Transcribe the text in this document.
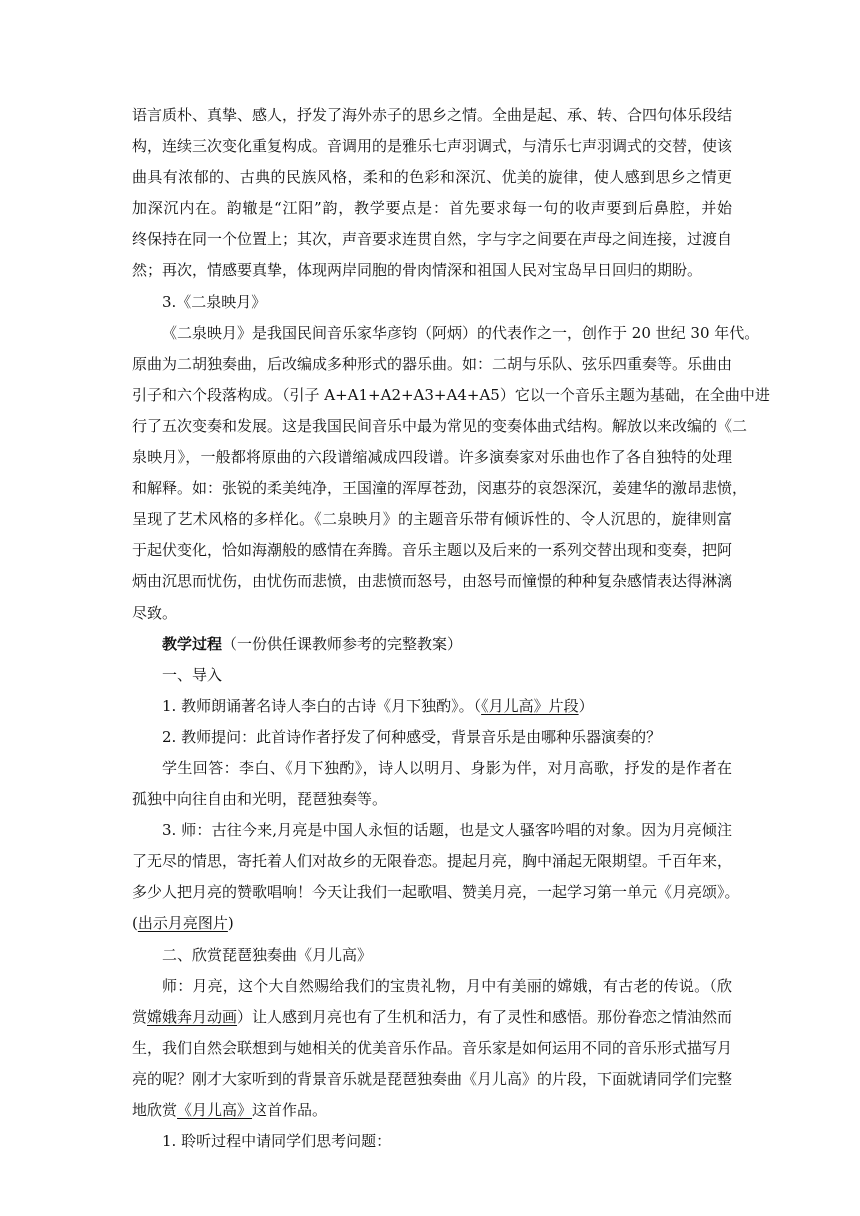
语言质朴、真挚、感人，抒发了海外赤子的思乡之情。全曲是起、承、转、合四句体乐段结
构，连续三次变化重复构成。音调用的是雅乐七声羽调式，与清乐七声羽调式的交替，使该
曲具有浓郁的、古典的民族风格，柔和的色彩和深沉、优美的旋律，使人感到思乡之情更
加深沉内在。韵辙是“江阳”韵，教学要点是：首先要求每一句的收声要到后鼻腔，并始
终保持在同一个位置上；其次，声音要求连贯自然，字与字之间要在声母之间连接，过渡自
然；再次，情感要真挚，体现两岸同胞的骨肉情深和祖国人民对宝岛早日回归的期盼。
3.《二泉映月》
《二泉映月》是我国民间音乐家华彦钧（阿炳）的代表作之一，创作于 20 世纪 30 年代。
原曲为二胡独奏曲，后改编成多种形式的器乐曲。如：二胡与乐队、弦乐四重奏等。乐曲由
引子和六个段落构成。（引子 A+A1+A2+A3+A4+A5）它以一个音乐主题为基础，在全曲中进
行了五次变奏和发展。这是我国民间音乐中最为常见的变奏体曲式结构。解放以来改编的《二
泉映月》，一般都将原曲的六段谱缩减成四段谱。许多演奏家对乐曲也作了各自独特的处理
和解释。如：张锐的柔美纯净，王国潼的浑厚苍劲，闵惠芬的哀怨深沉，姜建华的激昂悲愤，
呈现了艺术风格的多样化。《二泉映月》的主题音乐带有倾诉性的、令人沉思的，旋律则富
于起伏变化，恰如海潮般的感情在奔腾。音乐主题以及后来的一系列交替出现和变奏，把阿
炳由沉思而忧伤，由忧伤而悲愤，由悲愤而怒号，由怒号而憧憬的种种复杂感情表达得淋漓
尽致。
教学过程（一份供任课教师参考的完整教案）
一、导入
1. 教师朗诵著名诗人李白的古诗《月下独酌》。（《月儿高》片段）
2. 教师提问：此首诗作者抒发了何种感受，背景音乐是由哪种乐器演奏的？
学生回答：李白、《月下独酌》，诗人以明月、身影为伴，对月高歌，抒发的是作者在
孤独中向往自由和光明，琵琶独奏等。
3. 师：古往今来,月亮是中国人永恒的话题，也是文人骚客吟唱的对象。因为月亮倾注
了无尽的情思，寄托着人们对故乡的无限眷恋。提起月亮，胸中涌起无限期望。千百年来，
多少人把月亮的赞歌唱响！今天让我们一起歌唱、赞美月亮，一起学习第一单元《月亮颂》。
(出示月亮图片)
二、欣赏琵琶独奏曲《月儿高》
师：月亮，这个大自然赐给我们的宝贵礼物，月中有美丽的嫦娥，有古老的传说。（欣
赏嫦娥奔月动画）让人感到月亮也有了生机和活力，有了灵性和感悟。那份眷恋之情油然而
生，我们自然会联想到与她相关的优美音乐作品。音乐家是如何运用不同的音乐形式描写月
亮的呢？刚才大家听到的背景音乐就是琵琶独奏曲《月儿高》的片段，下面就请同学们完整
地欣赏《月儿高》这首作品。
1. 聆听过程中请同学们思考问题：
